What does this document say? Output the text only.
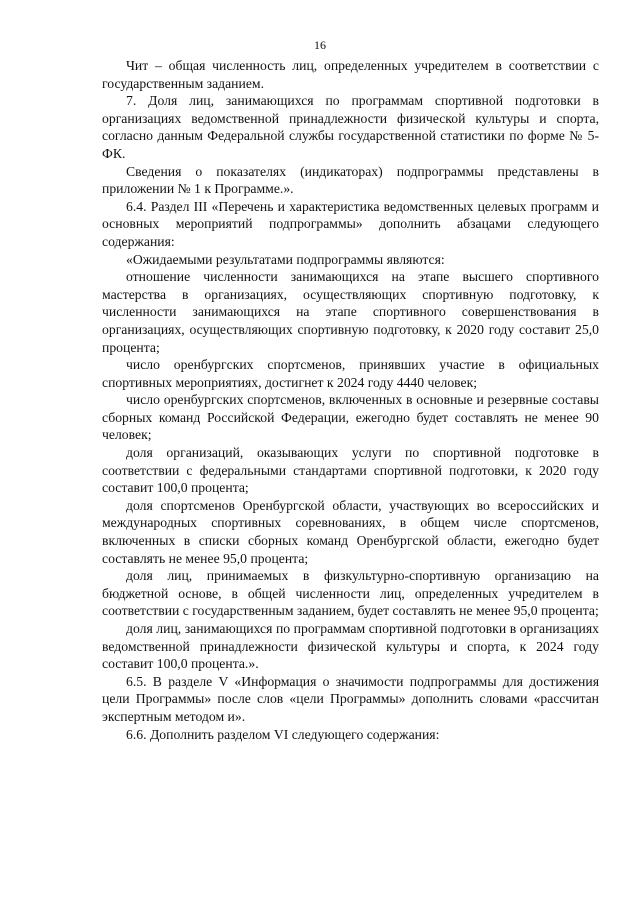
16

Чит – общая численность лиц, определенных учредителем в соответствии с государственным заданием.

7. Доля лиц, занимающихся по программам спортивной подготовки в организациях ведомственной принадлежности физической культуры и спорта, согласно данным Федеральной службы государственной статистики по форме № 5-ФК.

Сведения о показателях (индикаторах) подпрограммы представлены в приложении № 1 к Программе.».

6.4. Раздел III «Перечень и характеристика ведомственных целевых программ и основных мероприятий подпрограммы» дополнить абзацами следующего содержания:

«Ожидаемыми результатами подпрограммы являются:

отношение численности занимающихся на этапе высшего спортивного мастерства в организациях, осуществляющих спортивную подготовку, к численности занимающихся на этапе спортивного совершенствования в организациях, осуществляющих спортивную подготовку, к 2020 году составит 25,0 процента;

число оренбургских спортсменов, принявших участие в официальных спортивных мероприятиях, достигнет к 2024 году 4440 человек;

число оренбургских спортсменов, включенных в основные и резервные составы сборных команд Российской Федерации, ежегодно будет составлять не менее 90 человек;

доля организаций, оказывающих услуги по спортивной подготовке в соответствии с федеральными стандартами спортивной подготовки, к 2020 году составит 100,0 процента;

доля спортсменов Оренбургской области, участвующих во всероссийских и международных спортивных соревнованиях, в общем числе спортсменов, включенных в списки сборных команд Оренбургской области, ежегодно будет составлять не менее 95,0 процента;

доля лиц, принимаемых в физкультурно-спортивную организацию на бюджетной основе, в общей численности лиц, определенных учредителем в соответствии с государственным заданием, будет составлять не менее 95,0 процента;

доля лиц, занимающихся по программам спортивной подготовки в организациях ведомственной принадлежности физической культуры и спорта, к 2024 году составит 100,0 процента.».

6.5. В разделе V «Информация о значимости подпрограммы для достижения цели Программы» после слов «цели Программы» дополнить словами «рассчитан экспертным методом и».

6.6. Дополнить разделом VI следующего содержания:
